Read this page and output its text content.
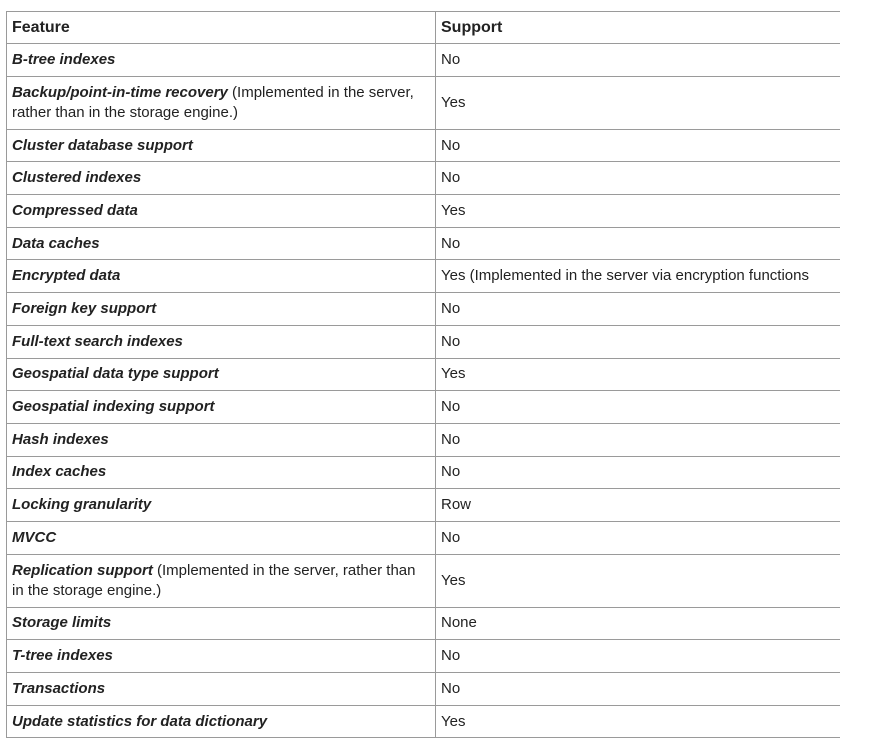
Feature	Support
B-tree indexes	No
Backup/point-in-time recovery (Implemented in the server, rather than in the storage engine.)	Yes
Cluster database support	No
Clustered indexes	No
Compressed data	Yes
Data caches	No
Encrypted data	Yes (Implemented in the server via encryption functions
Foreign key support	No
Full-text search indexes	No
Geospatial data type support	Yes
Geospatial indexing support	No
Hash indexes	No
Index caches	No
Locking granularity	Row
MVCC	No
Replication support (Implemented in the server, rather than in the storage engine.)	Yes
Storage limits	None
T-tree indexes	No
Transactions	No
Update statistics for data dictionary	Yes
